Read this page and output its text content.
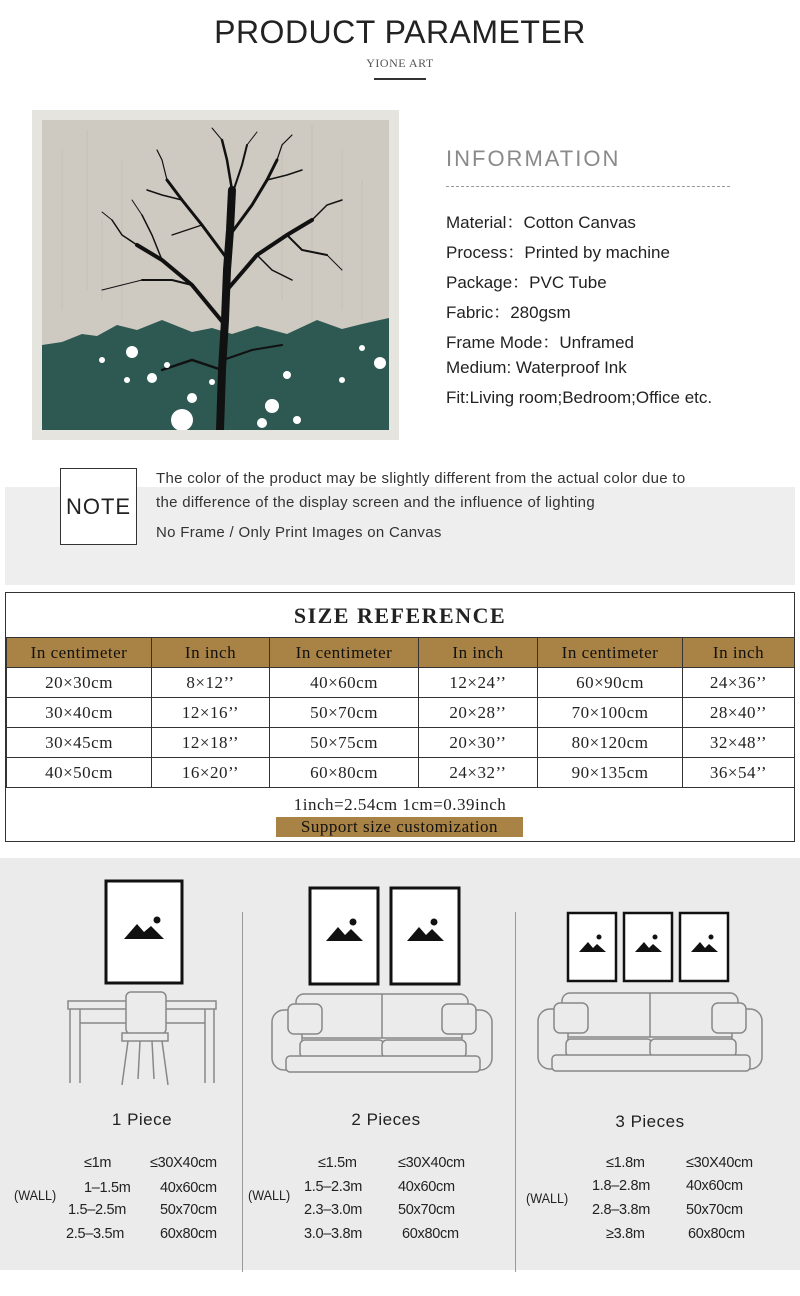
PRODUCT PARAMETER
YIONE ART
INFORMATION
Material：Cotton Canvas
Process：Printed by machine
Package：PVC Tube
Fabric：280gsm
Frame Mode：Unframed
Medium: Waterproof Ink
Fit:Living room;Bedroom;Office etc.
NOTE
The color of the product may be slightly different from the actual color due to
the difference of the display screen and the influence of lighting
No Frame / Only Print Images on Canvas
SIZE REFERENCE
In centimeter	In inch	In centimeter	In inch	In centimeter	In inch
20×30cm	8×12’’	40×60cm	12×24’’	60×90cm	24×36’’
30×40cm	12×16’’	50×70cm	20×28’’	70×100cm	28×40’’
30×45cm	12×18’’	50×75cm	20×30’’	80×120cm	32×48’’
40×50cm	16×20’’	60×80cm	24×32’’	90×135cm	36×54’’
1inch=2.54cm 1cm=0.39inch
Support size customization
1 Piece
(WALL)
≤1m	≤30X40cm
1–1.5m 40x60cm
1.5–2.5m 50x70cm
2.5–3.5m 60x80cm
2 Pieces
(WALL)
≤1.5m	≤30X40cm
1.5–2.3m 40x60cm
2.3–3.0m 50x70cm
3.0–3.8m	60x80cm
3 Pieces
(WALL)
≤1.8m	≤30X40cm
1.8–2.8m 40x60cm
2.8–3.8m 50x70cm
≥3.8m	60x80cm
